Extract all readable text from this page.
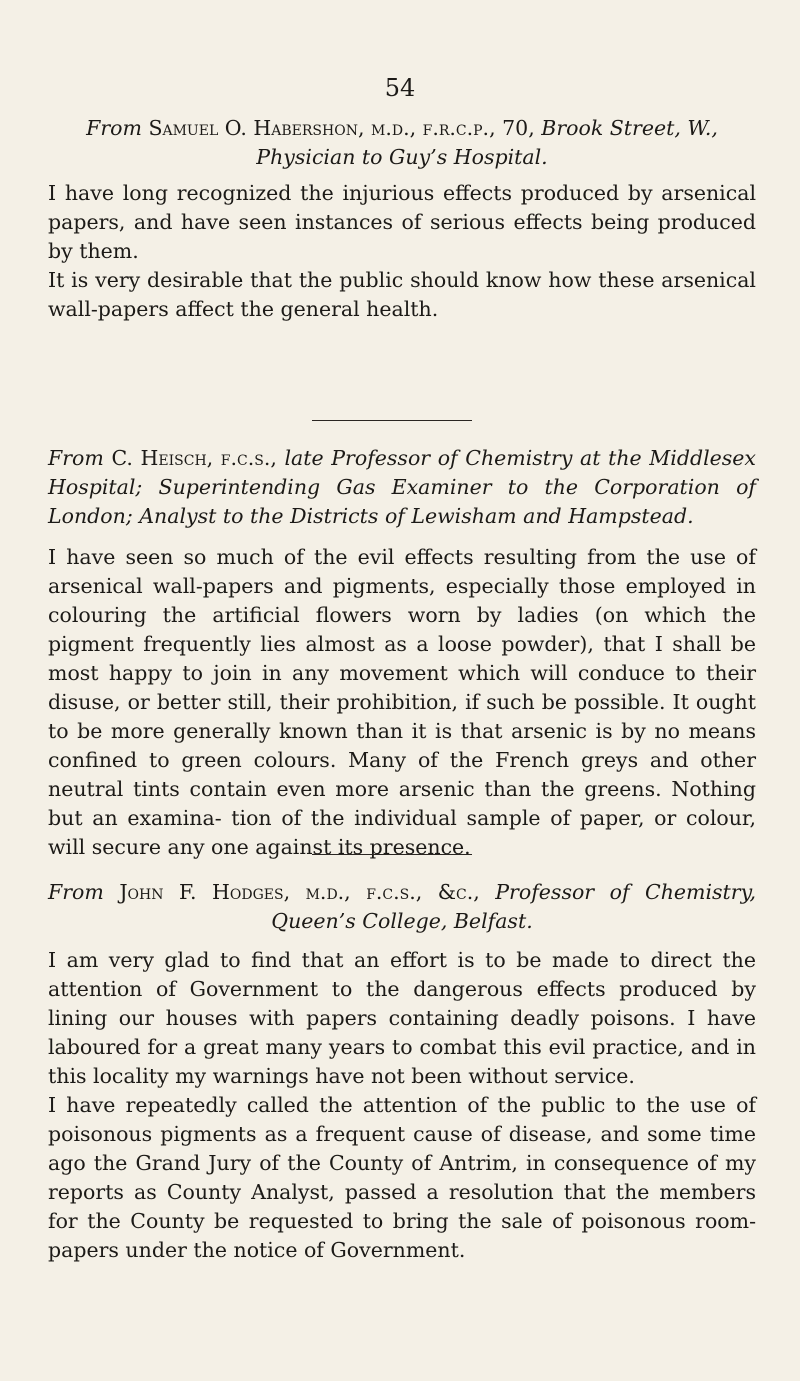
54
From Samuel O. Habershon, m.d., f.r.c.p., 70, Brook Street, W.,
Physician to Guy’s Hospital.

I have long recognized the injurious effects produced by arsenical papers, and have seen instances of serious effects being produced by them.

It is very desirable that the public should know how these arsenical wall-papers affect the general health.

From C. Heisch, f.c.s., late Professor of Chemistry at the Middlesex Hospital; Superintending Gas Examiner to the Corporation of London; Analyst to the Districts of Lewisham and Hampstead.

I have seen so much of the evil effects resulting from the use of arsenical wall-papers and pigments, especially those employed in colouring the artificial flowers worn by ladies (on which the pigment frequently lies almost as a loose powder), that I shall be most happy to join in any movement which will conduce to their disuse, or better still, their prohibition, if such be possible. It ought to be more generally known than it is that arsenic is by no means confined to green colours. Many of the French greys and other neutral tints contain even more arsenic than the greens. Nothing but an examina- tion of the individual sample of paper, or colour, will secure any one against its presence.

From John F. Hodges, m.d., f.c.s., &c., Professor of Chemistry, Queen’s College, Belfast.

I am very glad to find that an effort is to be made to direct the attention of Government to the dangerous effects produced by lining our houses with papers containing deadly poisons. I have laboured for a great many years to combat this evil practice, and in this locality my warnings have not been without service.

I have repeatedly called the attention of the public to the use of poisonous pigments as a frequent cause of disease, and some time ago the Grand Jury of the County of Antrim, in consequence of my reports as County Analyst, passed a resolution that the members for the County be requested to bring the sale of poisonous room-papers under the notice of Government.
